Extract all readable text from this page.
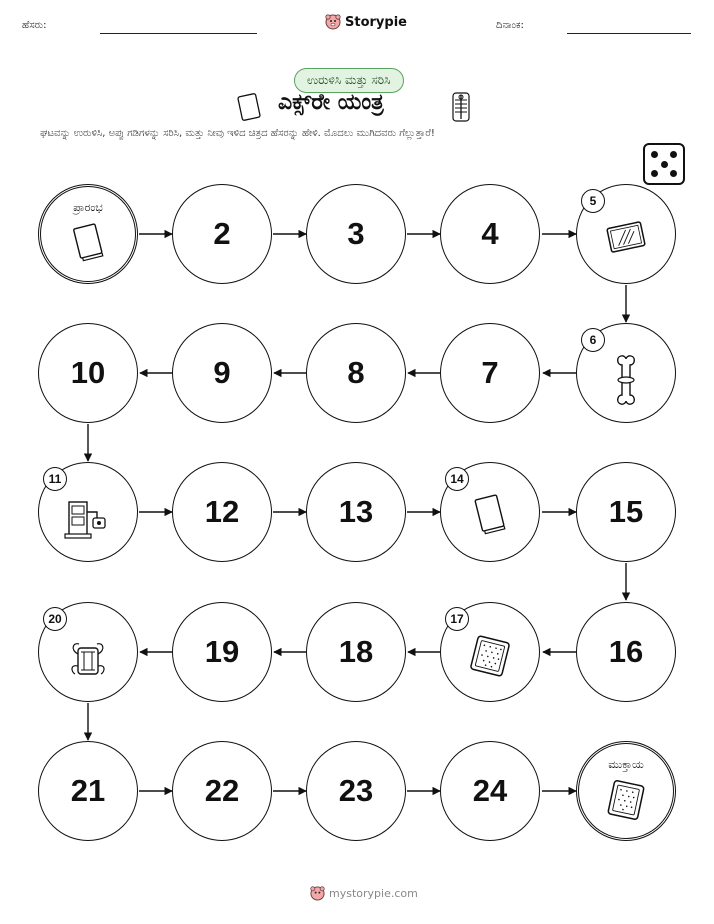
ಹೆಸರು:	Storypie	ದಿನಾಂಕ:
ಉರುಳಿಸಿ ಮತ್ತು ಸರಿಸಿ
ಎಕ್ಸ್‌ರೇ ಯಂತ್ರ
ಘಟವನ್ನು ಉರುಳಿಸಿ, ಅಪ್ಪು ಗಡಿಗಳನ್ನು ಸರಿಸಿ, ಮತ್ತು ನೀವು ಇಳಿದ ಚಿತ್ರದ ಹೆಸರನ್ನು ಹೇಳಿ. ಮೊದಲು ಮುಗಿದವರು ಗೆಲ್ಲುತ್ತಾರೆ!
ಪ್ರಾರಂಭ
2	3	4
5
10	9	8	7
6
11
12	13
14
15
20
19	18
17
16
21	22	23	24
ಮುಕ್ತಾಯ
mystorypie.com
